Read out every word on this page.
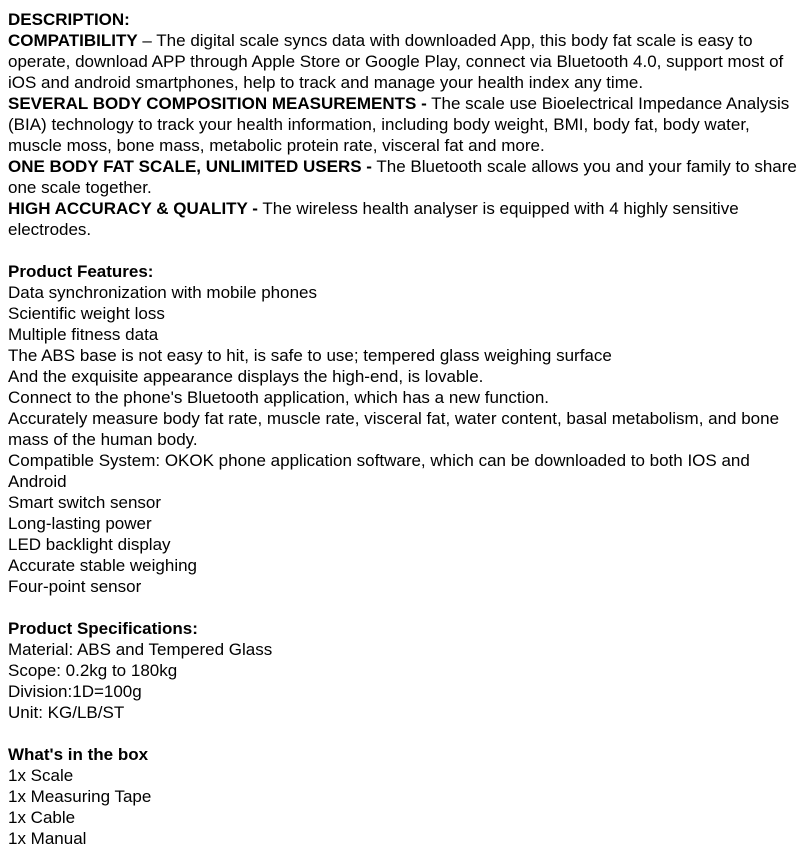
DESCRIPTION:

COMPATIBILITY – The digital scale syncs data with downloaded App, this body fat scale is easy to operate, download APP through Apple Store or Google Play, connect via Bluetooth 4.0, support most of iOS and android smartphones, help to track and manage your health index any time.

SEVERAL BODY COMPOSITION MEASUREMENTS - The scale use Bioelectrical Impedance Analysis (BIA) technology to track your health information, including body weight, BMI, body fat, body water, muscle moss, bone mass, metabolic protein rate, visceral fat and more.

ONE BODY FAT SCALE, UNLIMITED USERS - The Bluetooth scale allows you and your family to share one scale together.

HIGH ACCURACY & QUALITY - The wireless health analyser is equipped with 4 highly sensitive electrodes.

Product Features:

Data synchronization with mobile phones

Scientific weight loss

Multiple fitness data

The ABS base is not easy to hit, is safe to use; tempered glass weighing surface

And the exquisite appearance displays the high-end, is lovable.

Connect to the phone's Bluetooth application, which has a new function.

Accurately measure body fat rate, muscle rate, visceral fat, water content, basal metabolism, and bone mass of the human body.

Compatible System: OKOK phone application software, which can be downloaded to both IOS and Android

Smart switch sensor

Long-lasting power

LED backlight display

Accurate stable weighing

Four-point sensor

Product Specifications:

Material: ABS and Tempered Glass

Scope: 0.2kg to 180kg

Division:1D=100g

Unit: KG/LB/ST

What's in the box

1x Scale

1x Measuring Tape

1x Cable

1x Manual
